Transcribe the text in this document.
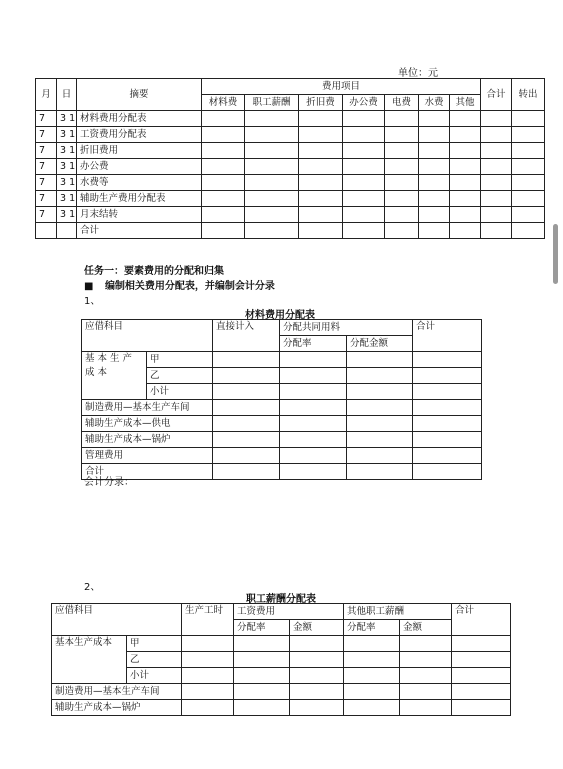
单位：元
月	日	摘要	费用项目							合计	转出
			材料费	职工薪酬	折旧费	办公费	电费	水费	其他		
7	3 1	材料费用分配表									
7	3 1	工资费用分配表									
7	3 1	折旧费用									
7	3 1	办公费									
7	3 1	水费等									
7	3 1	辅助生产费用分配表									
7	3 1	月末结转									
		合计									
任务一：要素费用的分配和归集
■ 编制相关费用分配表，并编制会计分录
1、
材料费用分配表
应借科目		直接计入	分配共同用料		合计
			分配率	分配金额	
基 本 生 产 成 本	甲				
	乙				
	小计				
制造费用—基本生产车间					
辅助生产成本—供电					
辅助生产成本—锅炉					
管理费用					
合计					
会计分录：
2、
职工薪酬分配表
应借科目		生产工时	工资费用		其他职工薪酬		合计
			分配率	金额	分配率	金额	
基本生产成本	甲						
	乙						
	小计						
制造费用—基本生产车间							
辅助生产成本—锅炉							
